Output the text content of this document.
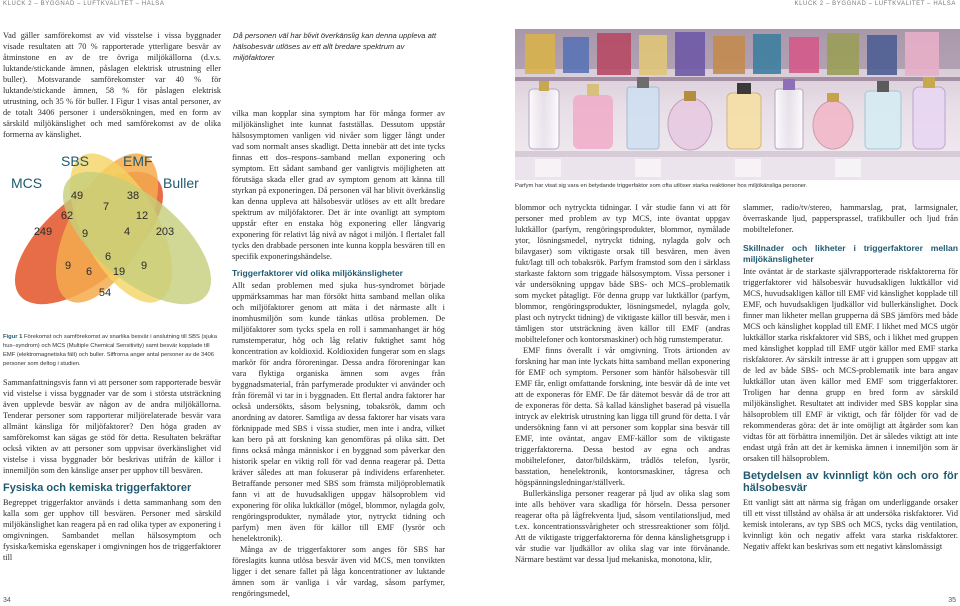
KLUCK 2 – BYGGNAD – LUFTKVALITET – HÄLSA	KLUCK 2 – BYGGNAD – LUFTKVALITET – HÄLSA

Vad gäller samförekomst av vid visstelse i vissa byggnader visade resultaten att 70 % rapporterade ytterligare besvär av åtminstone en av de tre övriga miljökällorna (d.v.s. luktande/stickande ämnen, påslagen elektrisk utrustning eller buller). Motsvarande samförekomster var 40 % för luktande/stickande ämnen, 58 % för påslagen elektrisk utrustning, och 35 % för buller. I Figur 1 visas antal personer, av de totalt 3406 personer i undersökningen, med en form av särskild miljökänslighet och med samförekomst av de olika formerna av känslighet.

SBS EMF
MCS	Buller
249
62
49
7
38
12
203
9	4
9
6
6 19 9
54
Figur 1 Förekomst och samförekomst av snarlika besvär i anslutning till SBS (sjuka hus–syndrom) och MCS (Multiple Chemical Sensitivity) samt besvär kopplade till EMF (elektromagnetiska fält) och buller. Siffrorna anger antal personer av de 3406 personer som deltog i studien.

Sammanfattningsvis fann vi att personer som rapporterade besvär vid vistelse i vissa byggnader var de som i största utsträckning även upplevde besvär av någon av de andra miljökällorna. Tenderar personer som rapporterar miljörelaterade besvär vara allmänt känsliga för miljöfaktorer? Den höga graden av samförekomst kan sägas ge stöd för detta. Resultaten bekräftar också vikten av att personer som uppvisar överkänslighet vid vistelse i vissa byggnader bör beskrivas utifrån de källor i innemiljön som den känslige anser per upphov till besvären.

Fysiska och kemiska triggerfaktorer

Begreppet triggerfaktor används i detta sammanhang som den kalla som ger upphov till besvären. Personer med särskild miljökänslighet kan reagera på en rad olika typer av exponering i omgivningen. Sambandet mellan hälsosymptom och fysiska/kemiska egenskaper i omgivningen hos de triggerfaktorer till

Då personen väl har blivit överkänslig kan denna uppleva att hälsobesvär utlöses av ett allt bredare spektrum av miljöfaktorer

vilka man kopplar sina symptom har för många former av miljökänslighet inte kunnat fastställas. Dessutom uppstår hälsosymptomen vanligen vid nivåer som ligger långt under vad som normalt anses skadligt. Detta innebär att det inte tycks finnas ett dos–respons–samband mellan exponering och symptom. Ett sådant samband ger vanligtvis möjligheten att förutsäga skada eller grad av symptom genom att känna till styrkan på exponeringen. Då personen väl har blivit överkänslig kan denna uppleva att hälsobesvär utlöses av ett allt bredare spektrum av miljöfaktorer. Det är inte ovanligt att symptom uppstår efter en enstaka hög exponering eller långvarig exponering för relativt låg nivå av något i miljön. I flertalet fall tycks den drabbade personen inte kunna koppla besvären till en specifik exponeringshändelse.

Triggerfaktorer vid olika miljökänsligheter

Allt sedan problemen med sjuka hus-syndromet började uppmärksammas har man försökt hitta samband mellan olika och miljöfaktorer genom att mäta i det närmaste allt i inomhusmiljön som kunde tänkas utlösa problemen. De miljöfaktorer som tycks spela en roll i sammanhanget är hög rumstemperatur, hög och låg relativ fuktighet samt hög koncentration av koldioxid. Koldioxiden fungerar som en slags markör för andra föroreningar. Dessa andra föroreningar kan vara flyktiga organiska ämnen som avges från byggnadsmaterial, från parfymerade produkter vi använder och från föremål vi tar in i byggnaden. Ett flertal andra faktorer har också undersökts, såsom belysning, tobaksrök, damm och anordning av datorer. Samtliga av dessa faktorer har visats vara förknippade med SBS i vissa studier, men inte i andra, vilket kan bero på att forskning kan genomföras på olika sätt. Det finns också många människor i en byggnad som påverkar den historik spelar en viktig roll för vad denna reagerar på. Detta kräver således att man fokuserar på individens erfarenheter. Betraffande personer med SBS som främsta miljöproblematik fann vi att de huvudsakligen uppgav hälsoproblem vid exponering för olika luktkällor (mögel, blommor, nylagda golv, rengöringsprodukter, nymålade ytor, nytryckt tidning och parfym) men även för källor till EMF (lysrör och henelektronik).

Många av de triggerfaktorer som anges för SBS har föreslagits kunna utlösa besvär även vid MCS, men tonvikten ligger i det senare fallet på låga koncentrationer av luktande ämnen som är vanliga i vår vardag, såsom parfymer, rengöringsmedel,

Parfym har visat sig vara en betydande triggerfaktor som ofta utlöser starka reaktioner hos miljökänsliga personer.

blommor och nytryckta tidningar. I vår studie fann vi att för personer med problem av typ MCS, inte övantat uppgav luktkällor (parfym, rengöringsprodukter, blommor, nymålade ytor, lösningsmedel, nytryckt tidning, nylagda golv och bilavgaser) som viktigaste orsak till besvären, men även fukt/lagt till och tobaksrök. Parfym framstod som den i särklass starkaste faktorn som triggade hälsosymptom. Vissa personer i vår undersökning uppgav både SBS- och MCS–problematik som mycket påtagligt. För denna grupp var luktkällor (parfym, blommor, rengöringsprodukter, lösningsmedel, nylagda golv, plast och nytryckt tidning) de viktigaste källor till besvär, men i tämligen stor utsträckning även källor till EMF (andras mobiltelefoner och kontorsmaskiner) och hög rumstemperatur.

EMF finns överallt i vår omgivning. Trots ärtionden av forskning har man inte lyckats hitta samband mellan exponering för EMF och symptom. Personer som hänför hälsobesvär till EMF får, enligt omfattande forskning, inte besvär då de inte vet att de exponeras för EMF. De får dätemot besvär då de tror att de exponeras för detta. Så kallad känslighet baserad på visuella intryck av elektrisk utrustning kan ligga till grund för detta. I vår undersökning fann vi att personer som kopplar sina besvär till EMF, inte oväntat, angav EMF-källor som de viktigaste triggerfaktorerna. Dessa bestod av egna och andras mobiltelefoner, dator/bildskärm, trådlös telefon, lysrör, basstation, henelektronik, kontorsmaskiner, tågresa och högspänningsledningar/ställverk.

Bullerkänsliga personer reagerar på ljud av olika slag som inte alls behöver vara skadliga för hörseln. Dessa personer reagerar ofta på lågfrekventa ljud, såsom ventilationsljud, med t.ex. koncentrationssvårigheter och stressreaktioner som följd. Att de viktigaste triggerfaktorerna för denna känslighetsgrupp i vår studie var ljudkällor av olika slag var inte förvånande. Närmare bestämt var dessa ljud mekaniska, monotona, klir,

slammer, radio/tv/stereo, hammarslag, prat, larmsignaler, överraskande ljud, pappersprassel, trafikbuller och ljud från mobiltelefoner.

Skillnader och likheter i triggerfaktorer mellan miljökänsligheter

Inte oväntat är de starkaste självrapporterade riskfaktorerna för triggerfaktorer vid hälsobesvär huvudsakligen luktkällor vid MCS, huvudsakligen källor till EMF vid känslighet kopplade till EMF, och huvudsakligen ljudkällor vid bullerkänslighet. Dock finner man likheter mellan grupperna då SBS jämförs med både MCS och känslighet kopplad till EMF. I likhet med MCS utgör luktkällor starka riskfaktorer vid SBS, och i likhet med gruppen med känslighet kopplad till EMF utgör källor med EMF starka riskfaktorer. Av särskilt intresse är att i gruppen som uppgav att de led av både SBS- och MCS-problematik inte bara angav luktkällor utan även källor med EMF som triggerfaktorer. Troligen har denna grupp en bred form av särskild miljökänslighet. Resultatet att individer med SBS kopplar sina hälsoproblem till EMF är viktigt, och får följder för vad de rekommenderas göra: det är inte omöjligt att åtgärder som kan vidtas för att förbättra innemiljön. Det är således viktigt att inte endast utgå från att det är kemiska ämnen i innemiljön som är orsaken till hälsoproblem.

Betydelsen av kvinnligt kön och oro för hälsobesvär

Ett vanligt sätt att närma sig frågan om underliggande orsaker till ett visst tillstånd av ohälsa är att undersöka riskfaktorer. Vid kemisk intolerans, av typ SBS och MCS, tycks däg ventilation, kvinnligt kön och negativ affekt vara starka riskfaktorer. Negativ affekt kan beskrivas som ett negativt känslomässigt

34	35
